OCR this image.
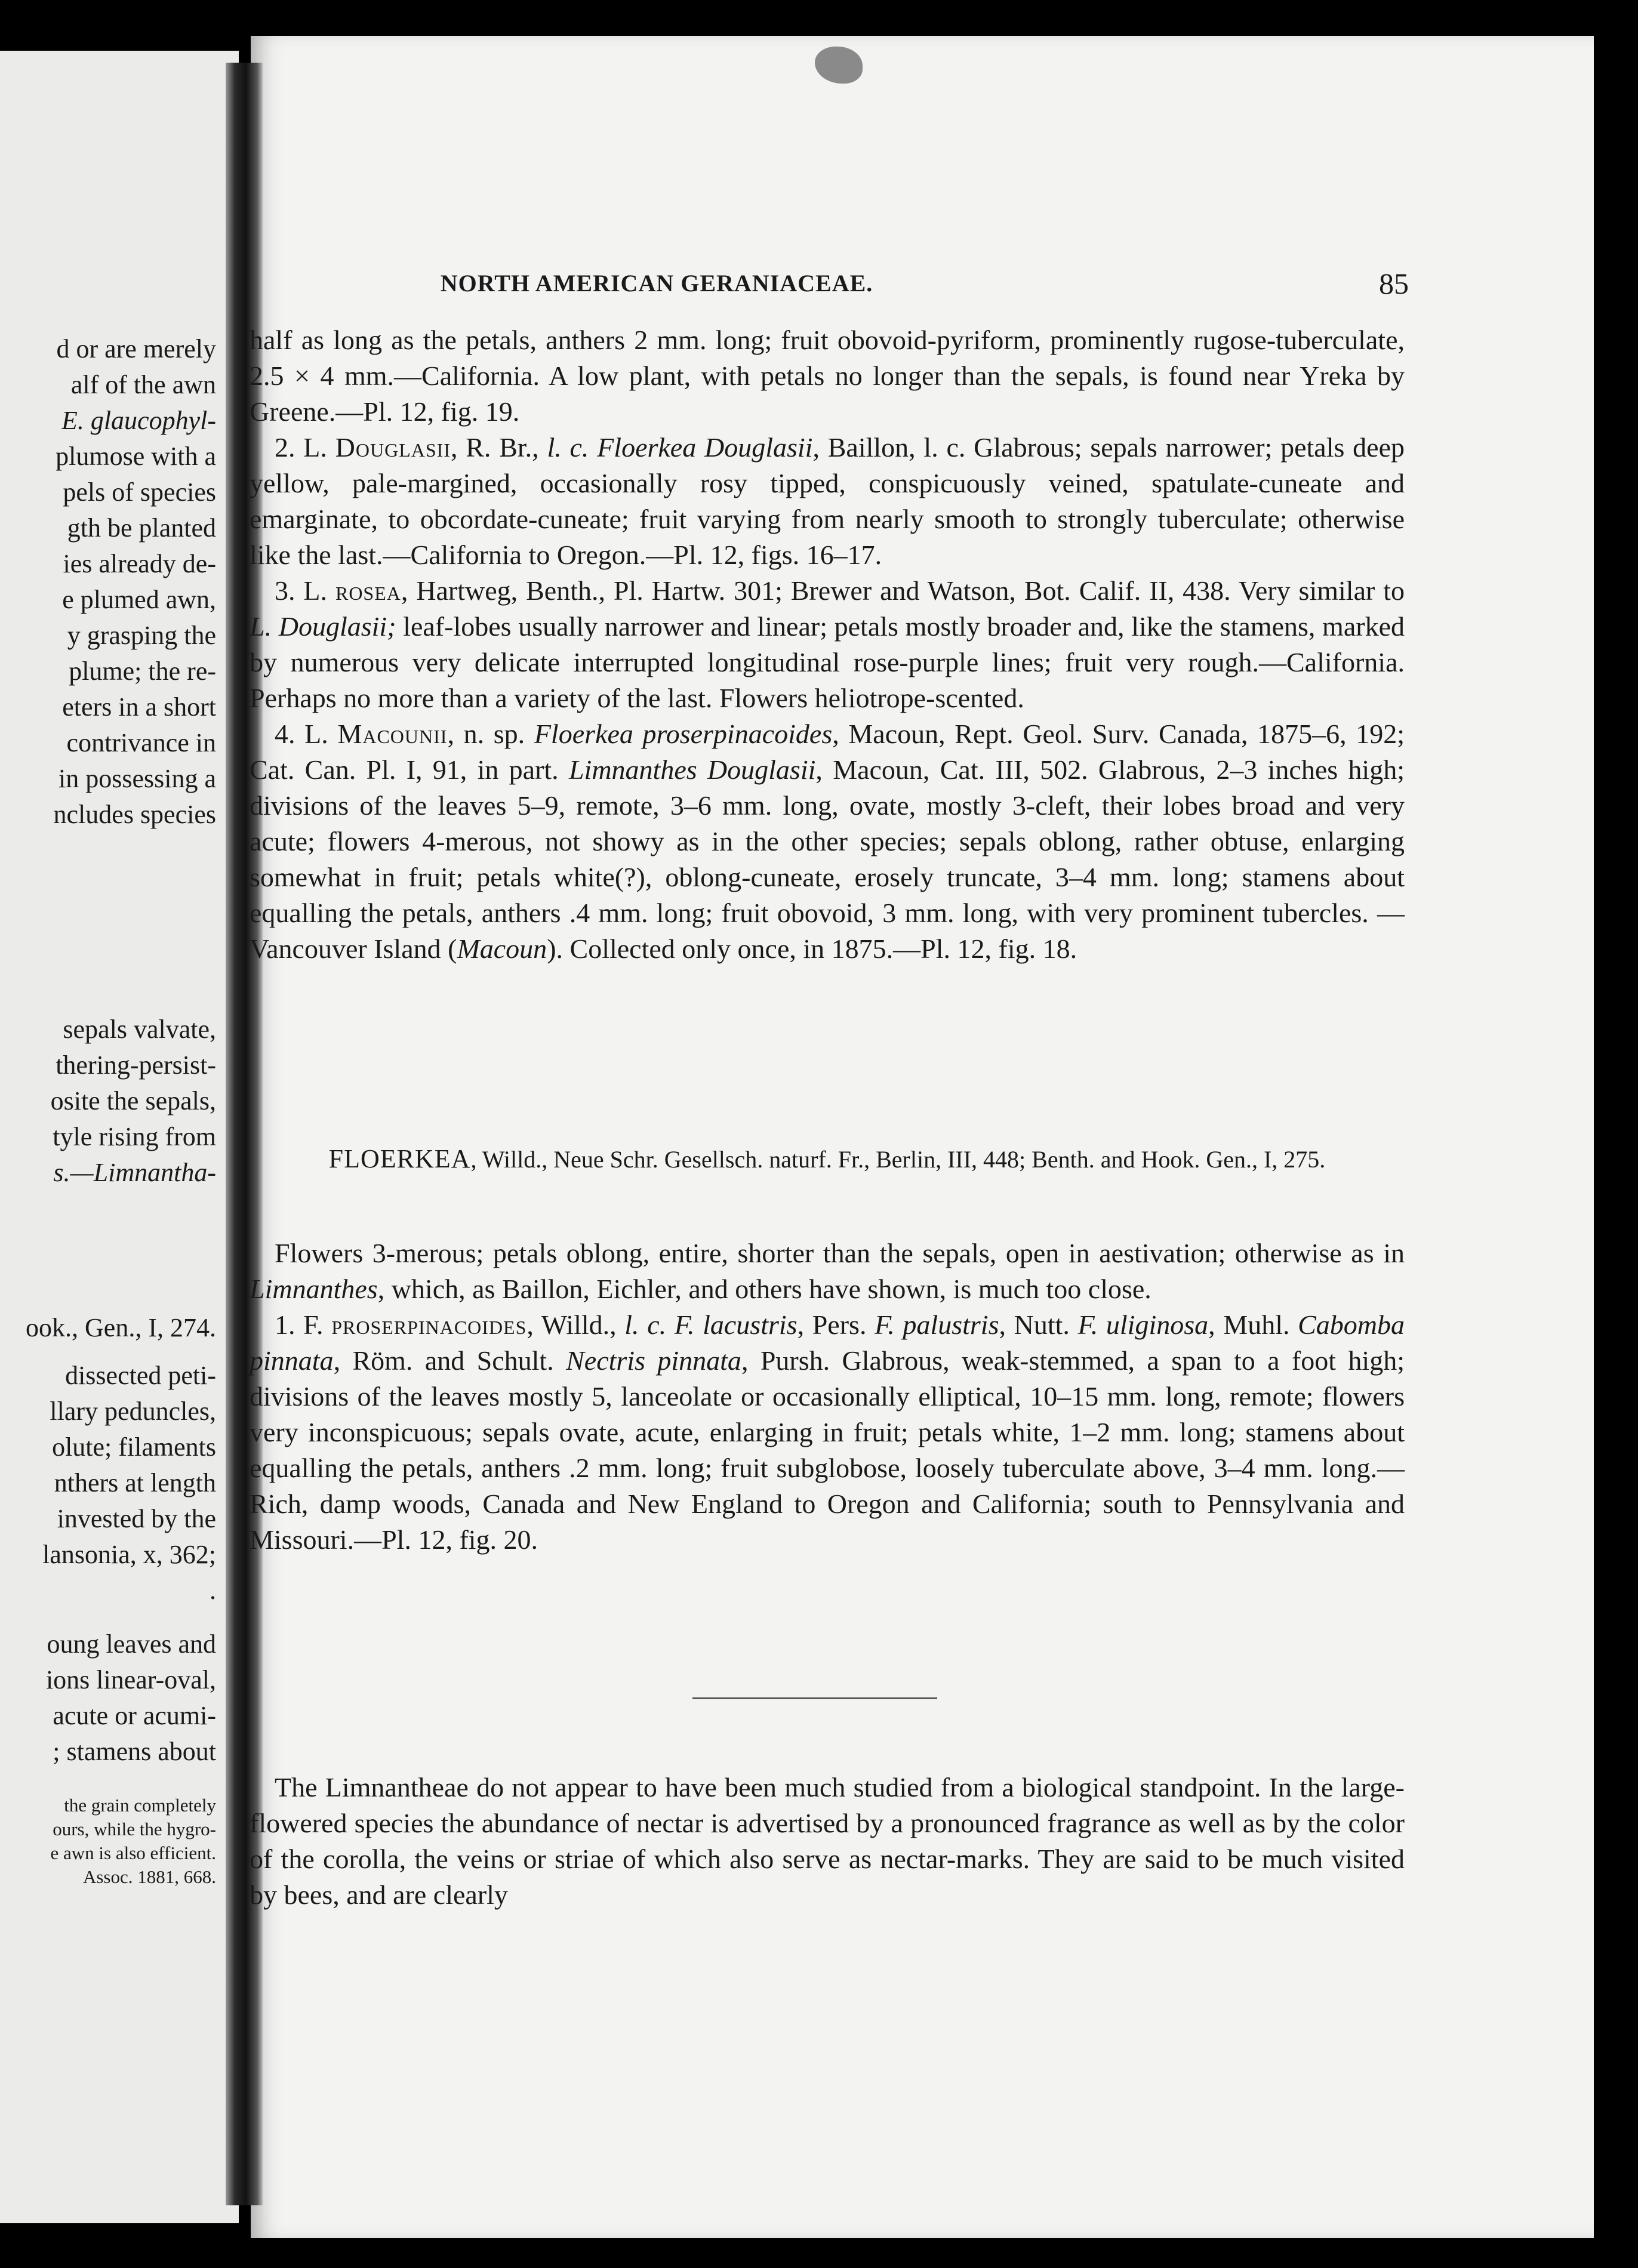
d or are merely
alf of the awn
E. glaucophyl-
plumose with a
pels of species
gth be planted
ies already de-
e plumed awn,
y grasping the
plume; the re-
eters in a short
contrivance in
in possessing a
ncludes species
sepals valvate,
thering-persist-
osite the sepals,
tyle rising from
s.—Limnantha-
ook., Gen., I, 274.
dissected peti-
llary peduncles,
olute; filaments
nthers at length
invested by the
lansonia, x, 362;
.
oung leaves and
ions linear-oval,
acute or acumi-
; stamens about
the grain completely
ours, while the hygro-
e awn is also efficient.
Assoc. 1881, 668.
NORTH AMERICAN GERANIACEAE.	85

half as long as the petals, anthers 2 mm. long; fruit obovoid-pyriform, prominently rugose-tuberculate, 2.5 × 4 mm.—California. A low plant, with petals no longer than the sepals, is found near Yreka by Greene.—Pl. 12, fig. 19.

2. L. Douglasii, R. Br., l. c. Floerkea Douglasii, Baillon, l. c. Glabrous; sepals narrower; petals deep yellow, pale-margined, occasionally rosy tipped, conspicuously veined, spatulate-cuneate and emarginate, to obcordate-cuneate; fruit varying from nearly smooth to strongly tuberculate; otherwise like the last.—California to Oregon.—Pl. 12, figs. 16–17.

3. L. rosea, Hartweg, Benth., Pl. Hartw. 301; Brewer and Watson, Bot. Calif. II, 438. Very similar to L. Douglasii; leaf-lobes usually narrower and linear; petals mostly broader and, like the stamens, marked by numerous very delicate interrupted longitudinal rose-purple lines; fruit very rough.—California. Perhaps no more than a variety of the last. Flowers heliotrope-scented.

4. L. Macounii, n. sp. Floerkea proserpinacoides, Macoun, Rept. Geol. Surv. Canada, 1875–6, 192; Cat. Can. Pl. I, 91, in part. Limnanthes Douglasii, Macoun, Cat. III, 502. Glabrous, 2–3 inches high; divisions of the leaves 5–9, remote, 3–6 mm. long, ovate, mostly 3-cleft, their lobes broad and very acute; flowers 4-merous, not showy as in the other species; sepals oblong, rather obtuse, enlarging somewhat in fruit; petals white(?), oblong-cuneate, erosely truncate, 3–4 mm. long; stamens about equalling the petals, anthers .4 mm. long; fruit obovoid, 3 mm. long, with very prominent tubercles. —Vancouver Island (Macoun). Collected only once, in 1875.—Pl. 12, fig. 18.

FLOERKEA, Willd., Neue Schr. Gesellsch. naturf. Fr., Berlin, III, 448; Benth. and Hook. Gen., I, 275.

Flowers 3-merous; petals oblong, entire, shorter than the sepals, open in aestivation; otherwise as in Limnanthes, which, as Baillon, Eichler, and others have shown, is much too close.

1. F. proserpinacoides, Willd., l. c. F. lacustris, Pers. F. palustris, Nutt. F. uliginosa, Muhl. Cabomba pinnata, Röm. and Schult. Nectris pinnata, Pursh. Glabrous, weak-stemmed, a span to a foot high; divisions of the leaves mostly 5, lanceolate or occasionally elliptical, 10–15 mm. long, remote; flowers very inconspicuous; sepals ovate, acute, enlarging in fruit; petals white, 1–2 mm. long; stamens about equalling the petals, anthers .2 mm. long; fruit subglobose, loosely tuberculate above, 3–4 mm. long.—Rich, damp woods, Canada and New England to Oregon and California; south to Pennsylvania and Missouri.—Pl. 12, fig. 20.

The Limnantheae do not appear to have been much studied from a biological standpoint. In the large-flowered species the abundance of nectar is advertised by a pronounced fragrance as well as by the color of the corolla, the veins or striae of which also serve as nectar-marks. They are said to be much visited by bees, and are clearly
